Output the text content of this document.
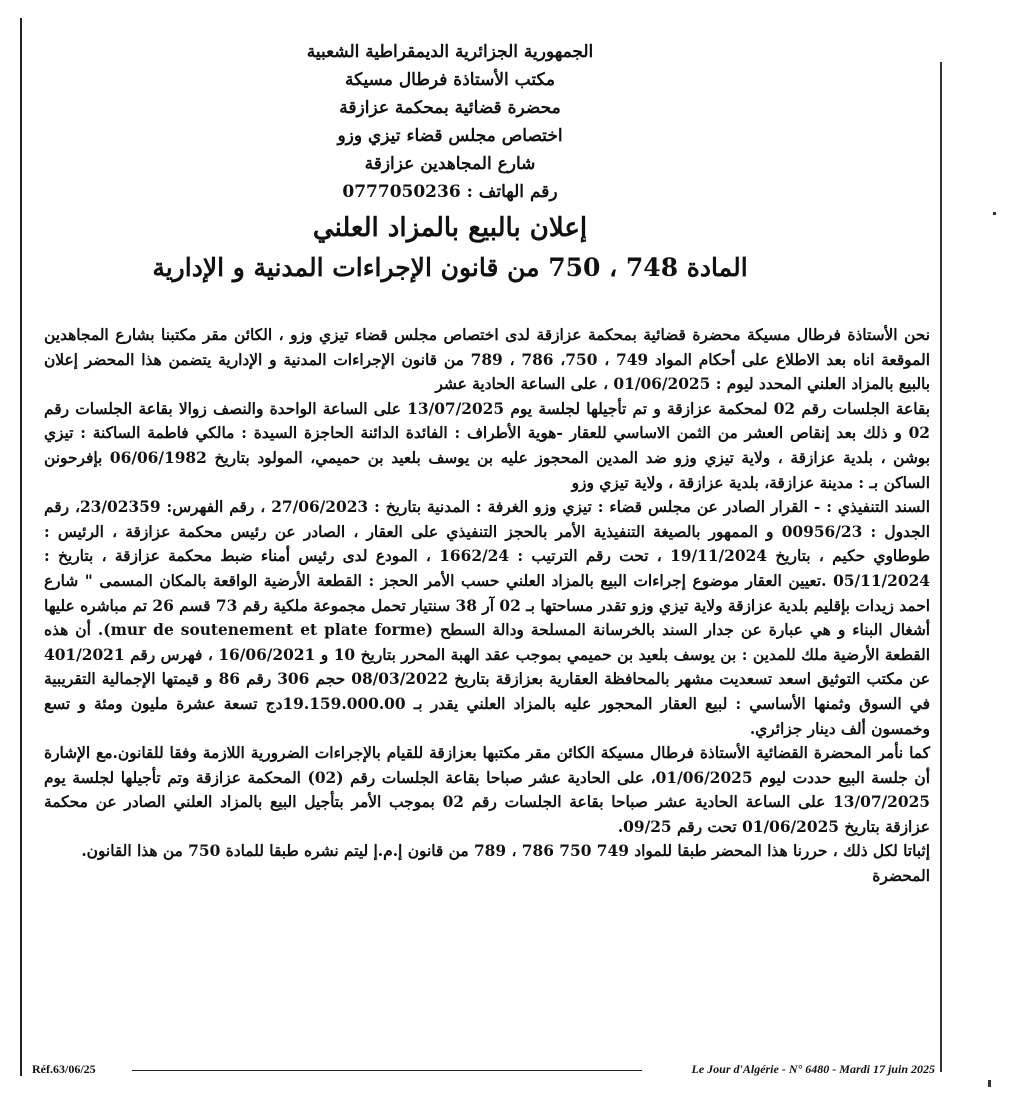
الجمهورية الجزائرية الديمقراطية الشعبية
مكتب الأستاذة فرطال مسيكة
محضرة قضائية بمحكمة عزازقة
اختصاص مجلس قضاء تيزي وزو
شارع المجاهدين عزازقة
رقم الهاتف : 0777050236
إعلان بالبيع بالمزاد العلني
المادة 748 ، 750 من قانون الإجراءات المدنية و الإدارية

نحن الأستاذة فرطال مسيكة محضرة قضائية بمحكمة عزازقة لدى اختصاص مجلس قضاء تيزي وزو ، الكائن مقر مكتبنا بشارع المجاهدين الموقعة اناه بعد الاطلاع على أحكام المواد 749 ، 750، 786 ، 789 من قانون الإجراءات المدنية و الإدارية يتضمن هذا المحضر إعلان بالبيع بالمزاد العلني المحدد ليوم : 01/06/2025 ، على الساعة الحادية عشر

بقاعة الجلسات رقم 02 لمحكمة عزازقة و تم تأجيلها لجلسة يوم 13/07/2025 على الساعة الواحدة والنصف زوالا بقاعة الجلسات رقم 02 و ذلك بعد إنقاص العشر من الثمن الاساسي للعقار -هوية الأطراف : الفائدة الدائنة الحاجزة السيدة : مالكي فاطمة الساكنة : تيزي بوشن ، بلدية عزازقة ، ولاية تيزي وزو ضد المدين المحجوز عليه بن يوسف بلعيد بن حميمي، المولود بتاريخ 06/06/1982 بإفرحونن الساكن بـ : مدينة عزازقة، بلدية عزازقة ، ولاية تيزي وزو

السند التنفيذي : - القرار الصادر عن مجلس قضاء : تيزي وزو الغرفة : المدنية بتاريخ : 27/06/2023 ، رقم الفهرس: 23/02359، رقم الجدول : 00956/23 و الممهور بالصيغة التنفيذية الأمر بالحجز التنفيذي على العقار ، الصادر عن رئيس محكمة عزازقة ، الرئيس : طوطاوي حكيم ، بتاريخ 19/11/2024 ، تحت رقم الترتيب : 1662/24 ، المودع لدى رئيس أمناء ضبط محكمة عزازقة ، بتاريخ : 05/11/2024 .تعيين العقار موضوع إجراءات البيع بالمزاد العلني حسب الأمر الحجز : القطعة الأرضية الواقعة بالمكان المسمى " شارع احمد زيدات بإقليم بلدية عزازقة ولاية تيزي وزو تقدر مساحتها بـ 02 آر 38 سنتيار تحمل مجموعة ملكية رقم 73 قسم 26 تم مباشره عليها أشغال البناء و هي عبارة عن جدار السند بالخرسانة المسلحة ودالة السطح (mur de soutenement et plate forme). أن هذه القطعة الأرضية ملك للمدين : بن يوسف بلعيد بن حميمي بموجب عقد الهبة المحرر بتاريخ 10 و 16/06/2021 ، فهرس رقم 401/2021 عن مكتب التوثيق اسعد تسعديت مشهر بالمحافظة العقارية بعزازقة بتاريخ 08/03/2022 حجم 306 رقم 86 و قيمتها الإجمالية التقريبية في السوق وثمنها الأساسي : لبيع العقار المحجور عليه بالمزاد العلني يقدر بـ 19.159.000.00دج تسعة عشرة مليون ومئة و تسع وخمسون ألف دينار جزائري.

كما نأمر المحضرة القضائية الأستاذة فرطال مسيكة الكائن مقر مكتبها بعزازقة للقيام بالإجراءات الضرورية اللازمة وفقا للقانون.مع الإشارة أن جلسة البيع حددت ليوم 01/06/2025، على الحادية عشر صباحا بقاعة الجلسات رقم (02) المحكمة عزازقة وتم تأجيلها لجلسة يوم 13/07/2025 على الساعة الحادية عشر صباحا بقاعة الجلسات رقم 02 بموجب الأمر بتأجيل البيع بالمزاد العلني الصادر عن محكمة عزازقة بتاريخ 01/06/2025 تحت رقم 09/25.

إثباتا لكل ذلك ، حررنا هذا المحضر طبقا للمواد 749 750 786 ، 789 من قانون إ.م.إ ليتم نشره طبقا للمادة 750 من هذا القانون.

المحضرة

Réf.63/06/25	Le Jour d'Algérie - N° 6480 - Mardi 17 juin 2025
